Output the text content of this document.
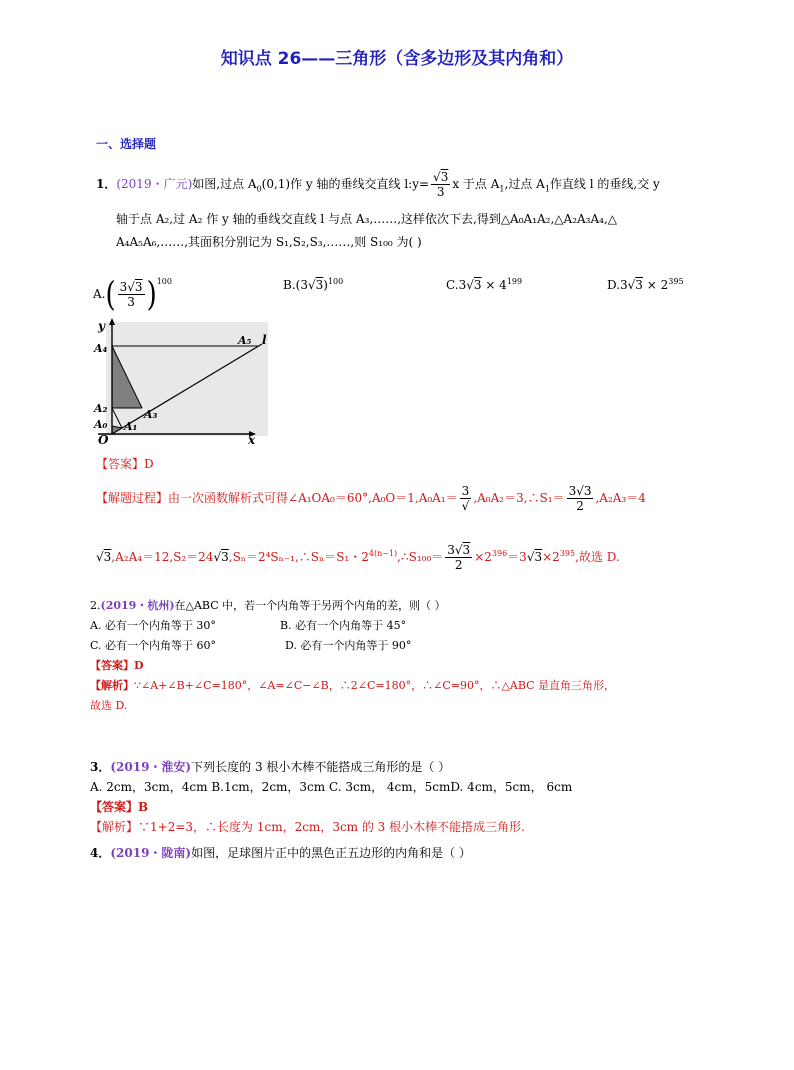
知识点 26——三角形（含多边形及其内角和）
一、选择题
1．(2019・广元)如图,过点 $A_0(0,1)$作 y 轴的垂线交直线 l:y= $\frac{√3}{3}$ x 于点 $A_1$,过点 $A_1$作直线 l 的垂线,交 y
轴于点 A₂,过 A₂ 作 y 轴的垂线交直线 l 与点 A₃,……,这样依次下去,得到△A₀A₁A₂,△A₂A₃A₄,△
A₄A₅A₆,……,其面积分别记为 S₁,S₂,S₃,……,则 S₁₀₀ 为( )
$A.( \frac{3√3}{3} )^{100}$	$B.(3√3)^{100}$	$C.3√3 \times 4^{199}$	$D.3√3 \times 2^{395}$
y
x
O
l
A₄
A₅
A₂	A₃
A₀ A₁
【答案】D
【解题过程】由一次函数解析式可得∠A₁OA₀＝60°,A₀O＝1,A₀A₁＝ $\frac{3}{√}$ ,A₀A₂＝3,∴S₁＝ $\frac{3√3}{2} ,A_2A_3=4$
√3,A₂A₄＝12,S₂＝24√3,Sₙ＝2⁴Sₙ₋₁,∴Sₙ＝S₁・$2^{4(n-1)},\therefore S_{100}= \frac{3√3}{2} \times 2^{396}=3√3\times 2^{395}$,故选 D.
2.(2019・杭州)在△ABC 中，若一个内角等于另两个内角的差，则（ ）
A. 必有一个内角等于 30°	B. 必有一个内角等于 45°
C. 必有一个内角等于 60°	D. 必有一个内角等于 90°
【答案】D
【解析】∵∠A+∠B+∠C=180°，∠A=∠C−∠B，∴2∠C=180°，∴∠C=90°，∴△ABC 是直角三角形，
故选 D.
3．(2019・淮安)下列长度的 3 根小木棒不能搭成三角形的是（ ）
A. 2cm，3cm，4cm B.1cm，2cm，3cm C. 3cm， 4cm，5cmD. 4cm，5cm， 6cm
【答案】B
【解析】∵1+2=3，∴长度为 1cm，2cm，3cm 的 3 根小木棒不能搭成三角形.
4．(2019・陇南)如图，足球图片正中的黑色正五边形的内角和是（ ）
